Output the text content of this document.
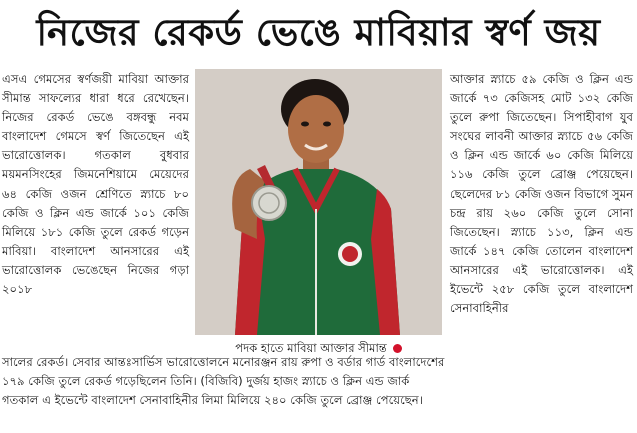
নিজের রেকর্ড ভেঙে মাবিয়ার স্বর্ণ জয়

এসএ গেমসের স্বর্ণজয়ী মাবিয়া আক্তার সীমান্ত সাফল্যের ধারা ধরে রেখেছেন। নিজের রেকর্ড ভেঙে বঙ্গবন্ধু নবম বাংলাদেশ গেমসে স্বর্ণ জিতেছেন এই ভারোত্তোলক। গতকাল বুধবার ময়মনসিংহের জিমনেশিয়ামে মেয়েদের ৬৪ কেজি ওজন শ্রেণিতে স্ন্যাচে ৮০ কেজি ও ক্লিন এন্ড জার্কে ১০১ কেজি মিলিয়ে ১৮১ কেজি তুলে রেকর্ড গড়েন মাবিয়া। বাংলাদেশ আনসারের এই ভারোত্তোলক ভেঙেছেন নিজের গড়া ২০১৮

পদক হাতে মাবিয়া আক্তার সীমান্ত

আক্তার স্ন্যাচে ৫৯ কেজি ও ক্লিন এন্ড জার্কে ৭৩ কেজিসহ মোট ১৩২ কেজি তুলে রুপা জিতেছেন। সিপাহীবাগ যুব সংঘের লাবনী আক্তার স্ন্যাচে ৫৬ কেজি ও ক্লিন এন্ড জার্কে ৬০ কেজি মিলিয়ে ১১৬ কেজি তুলে ব্রোঞ্জ পেয়েছেন। ছেলেদের ৮১ কেজি ওজন বিভাগে সুমন চন্দ্র রায় ২৬০ কেজি তুলে সোনা জিতেছেন। স্ন্যাচে ১১৩, ক্লিন এন্ড জার্কে ১৪৭ কেজি তোলেন বাংলাদেশ আনসারের এই ভারোত্তোলক। এই ইভেন্টে ২৫৮ কেজি তুলে বাংলাদেশ সেনাবাহিনীর

সালের রেকর্ড। সেবার আন্তঃসার্ভিস ভারোত্তোলনে মনোরঞ্জন রায় রুপা ও বর্ডার গার্ড বাংলাদেশের
১৭৯ কেজি তুলে রেকর্ড গড়েছিলেন তিনি। (বিজিবি) দুর্জয় হাজং স্ন্যাচে ও ক্লিন এন্ড জার্ক
গতকাল এ ইভেন্টে বাংলাদেশ সেনাবাহিনীর লিমা মিলিয়ে ২৪০ কেজি তুলে ব্রোঞ্জ পেয়েছেন।
